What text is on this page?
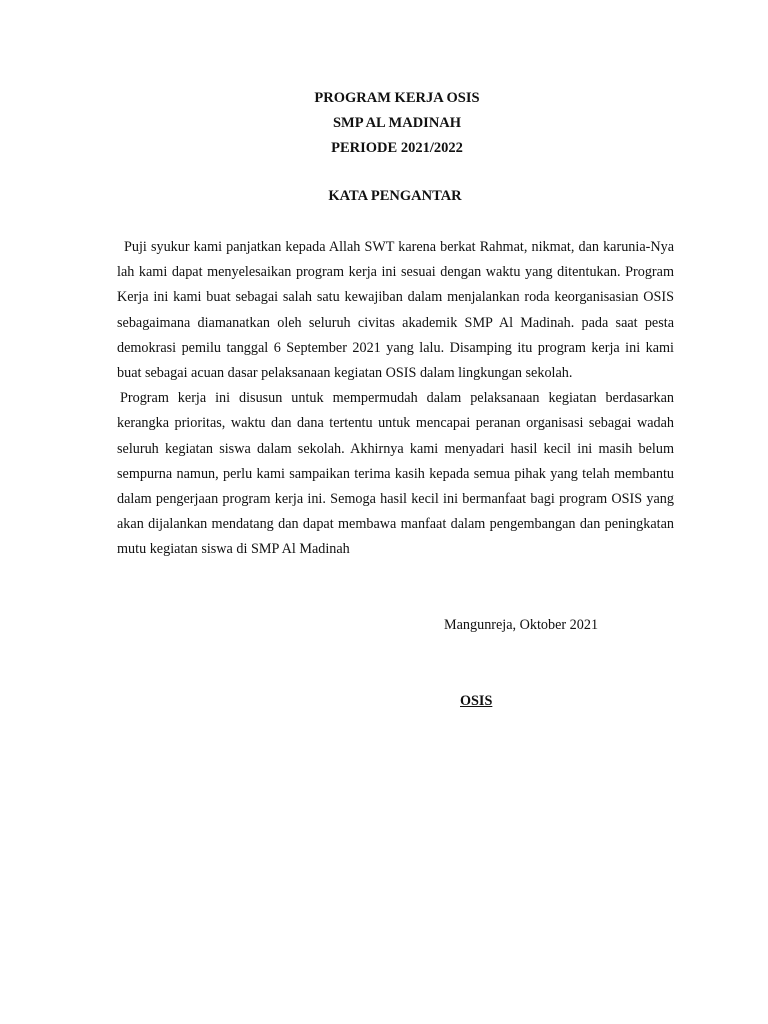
PROGRAM KERJA OSIS
SMP AL MADINAH
PERIODE 2021/2022
KATA PENGANTAR

Puji syukur kami panjatkan kepada Allah SWT karena berkat Rahmat, nikmat, dan karunia-Nya lah kami dapat menyelesaikan program kerja ini sesuai dengan waktu yang ditentukan. Program Kerja ini kami buat sebagai salah satu kewajiban dalam menjalankan roda keorganisasian OSIS sebagaimana diamanatkan oleh seluruh civitas akademik SMP Al Madinah. pada saat pesta demokrasi pemilu tanggal 6 September 2021 yang lalu. Disamping itu program kerja ini kami buat sebagai acuan dasar pelaksanaan kegiatan OSIS dalam lingkungan sekolah.

Program kerja ini disusun untuk mempermudah dalam pelaksanaan kegiatan berdasarkan kerangka prioritas, waktu dan dana tertentu untuk mencapai peranan organisasi sebagai wadah seluruh kegiatan siswa dalam sekolah. Akhirnya kami menyadari hasil kecil ini masih belum sempurna namun, perlu kami sampaikan terima kasih kepada semua pihak yang telah membantu dalam pengerjaan program kerja ini. Semoga hasil kecil ini bermanfaat bagi program OSIS yang akan dijalankan mendatang dan dapat membawa manfaat dalam pengembangan dan peningkatan mutu kegiatan siswa di SMP Al Madinah

Mangunreja, Oktober 2021
OSIS
